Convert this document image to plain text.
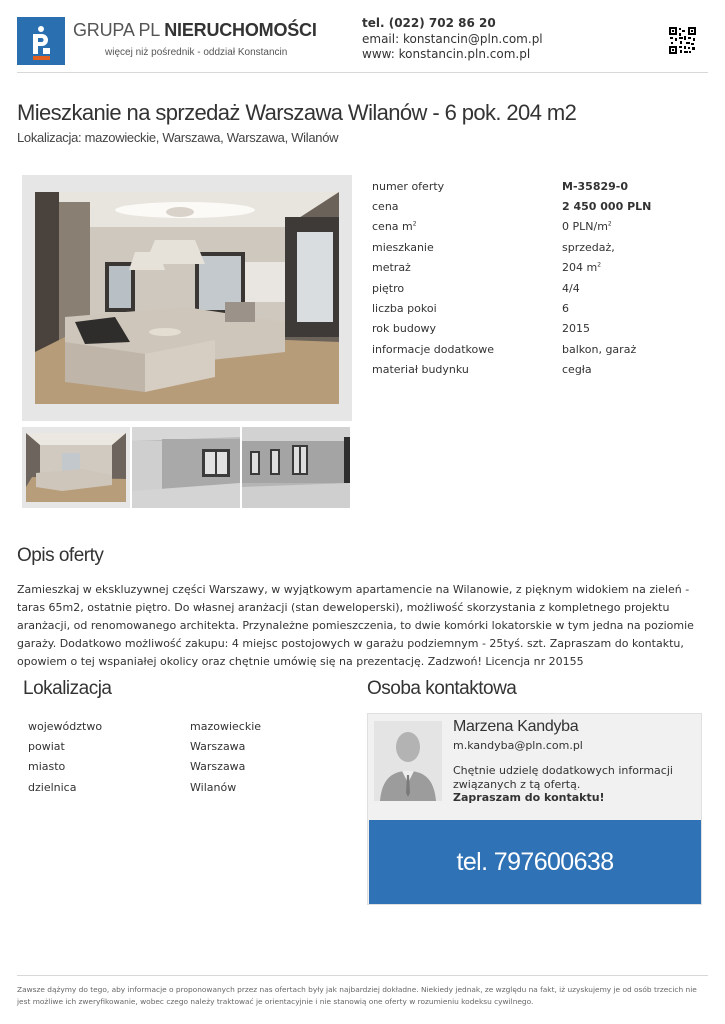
GRUPA PL NIERUCHOMOŚCI
więcej niż pośrednik - oddział Konstancin
tel. (022) 702 86 20
email: konstancin@pln.com.pl
www: konstancin.pln.com.pl
Mieszkanie na sprzedaż Warszawa Wilanów - 6 pok. 204 m2
Lokalizacja: mazowieckie, Warszawa, Warszawa, Wilanów
numer oferty	M-35829-0
cena	2 450 000 PLN
cena $m^2$	0 PLN/$m^2$
mieszkanie	sprzedaż,
metraż	204 $m^2$
piętro	4/4
liczba pokoi	6
rok budowy	2015
informacje dodatkowe	balkon, garaż
materiał budynku	cegła
Opis oferty
Zamieszkaj w ekskluzywnej części Warszawy, w wyjątkowym apartamencie na Wilanowie, z pięknym widokiem na zieleń - taras 65m2, ostatnie piętro. Do własnej aranżacji (stan deweloperski), możliwość skorzystania z kompletnego projektu aranżacji, od renomowanego architekta. Przynależne pomieszczenia, to dwie komórki lokatorskie w tym jedna na poziomie garaży. Dodatkowo możliwość zakupu: 4 miejsc postojowych w garażu podziemnym - 25tyś. szt. Zapraszam do kontaktu, opowiem o tej wspaniałej okolicy oraz chętnie umówię się na prezentację. Zadzwoń! Licencja nr 20155
Lokalizacja
województwo	mazowieckie
powiat	Warszawa
miasto	Warszawa
dzielnica	Wilanów
Osoba kontaktowa
Marzena Kandyba
m.kandyba@pln.com.pl
Chętnie udzielę dodatkowych informacji związanych z tą ofertą.
Zapraszam do kontaktu!
tel. 797600638
Zawsze dążymy do tego, aby informacje o proponowanych przez nas ofertach były jak najbardziej dokładne. Niekiedy jednak, ze względu na fakt, iż uzyskujemy je od osób trzecich nie jest możliwe ich zweryfikowanie, wobec czego należy traktować je orientacyjnie i nie stanowią one oferty w rozumieniu kodeksu cywilnego.
